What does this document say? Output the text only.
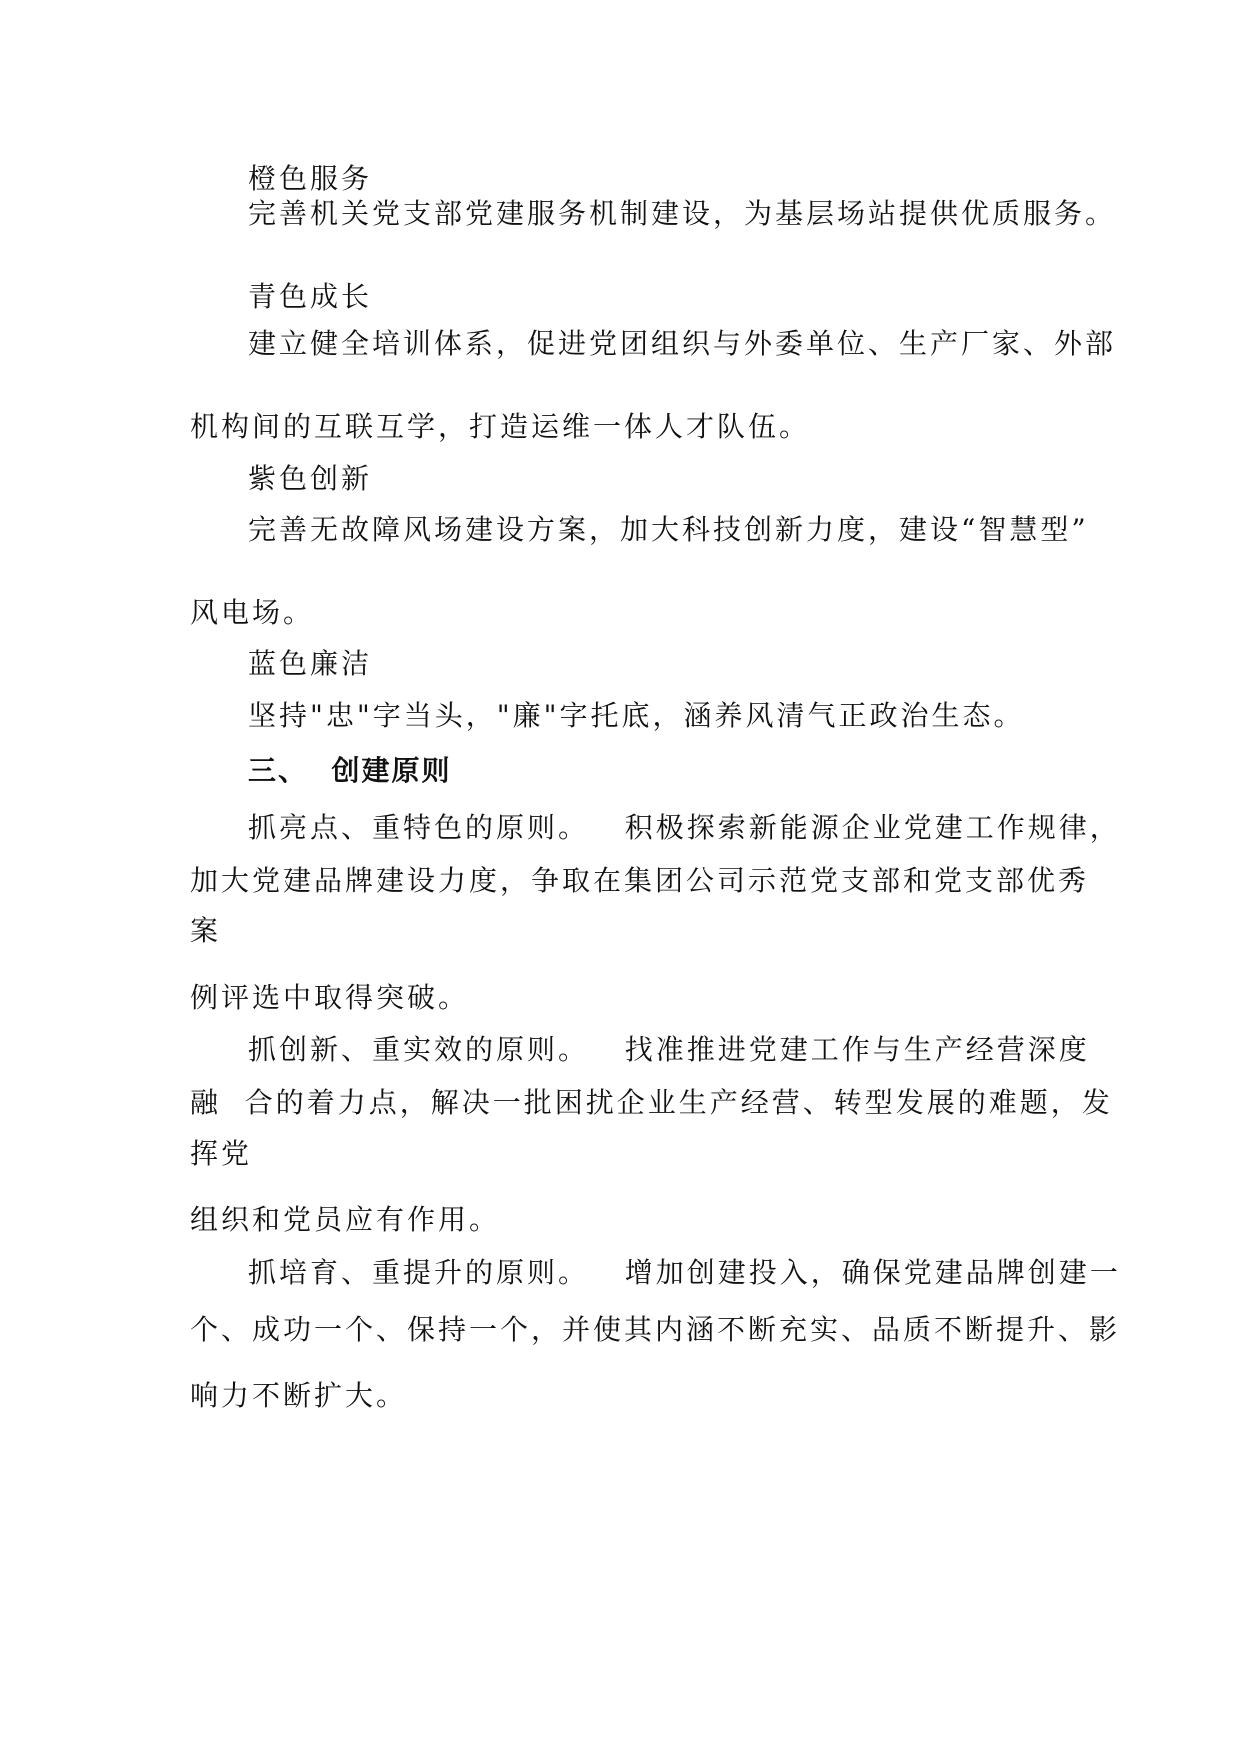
橙色服务
完善机关党支部党建服务机制建设，为基层场站提供优质服务。
青色成长
建立健全培训体系，促进党团组织与外委单位、生产厂家、外部
机构间的互联互学，打造运维一体人才队伍。
紫色创新
完善无故障风场建设方案，加大科技创新力度，建设“智慧型”
风电场。
蓝色廉洁
坚持"忠"字当头，"廉"字托底，涵养风清气正政治生态。
三、  创建原则
抓亮点、重特色的原则。   积极探索新能源企业党建工作规律，
加大党建品牌建设力度，争取在集团公司示范党支部和党支部优秀
案
例评选中取得突破。
抓创新、重实效的原则。   找准推进党建工作与生产经营深度
融  合的着力点，解决一批困扰企业生产经营、转型发展的难题，发
挥党
组织和党员应有作用。
抓培育、重提升的原则。   增加创建投入，确保党建品牌创建一
个、成功一个、保持一个，并使其内涵不断充实、品质不断提升、影
响力不断扩大。
